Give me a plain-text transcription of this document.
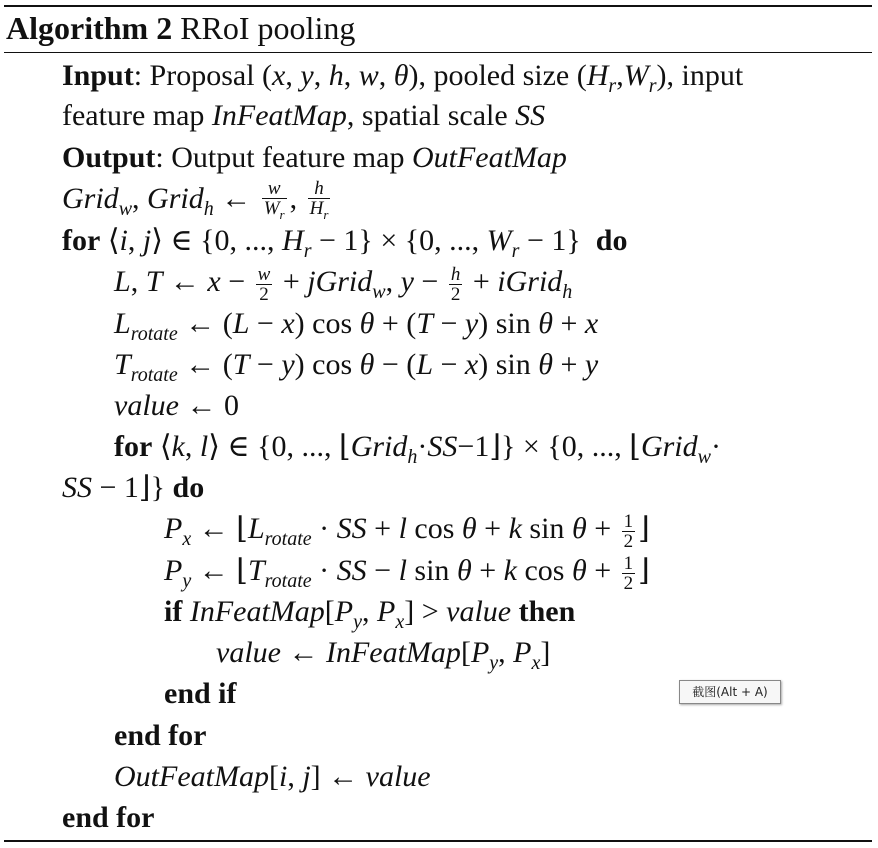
Algorithm 2 RRoI pooling
Input: Proposal (x, y, h, w, θ), pooled size $(H_r,W_r)$, input
feature map InFeatMap, spatial scale SS
Output: Output feature map OutFeatMap
Grid$_w$, Grid$_h$ ← $\frac{w}{W_r}$ , $\frac{h}{H_r}$
for ⟨i, j⟩ ∈ {0, ..., $H_r - 1\} \times \{0$, ..., $W_r - 1$}  do
L, T ← $x - \frac{w}{2}$ + jGrid$_w$, $y - \frac{h}{2}$ + iGrid$_h$
$L_{rotate}$ ← (L − x) cos θ + (T − y) sin θ + x
$T_{rotate}$ ← (T − y) cos θ − (L − x) sin θ + y
value ← 0
for ⟨k, l⟩ ∈ {0, ..., ⌊Grid$_h$·SS−1⌋} × {0, ..., ⌊Grid$_w$·
SS − 1⌋} do
$P_x$ ← $⌊L_{rotate}$ · SS + l cos θ + k $\sin \theta + \frac{1}{2}$ ⌋
$P_y$ ← $⌊T_{rotate}$ · SS − l sin θ + k $\cos \theta + \frac{1}{2}$ ⌋
if $InFeatMap[P_y$, $P_x$] > value then
value ← $InFeatMap[P_y$, $P_x$]
end if
end for
OutFeatMap[i, j] ← value
end for
截图(Alt + A)
